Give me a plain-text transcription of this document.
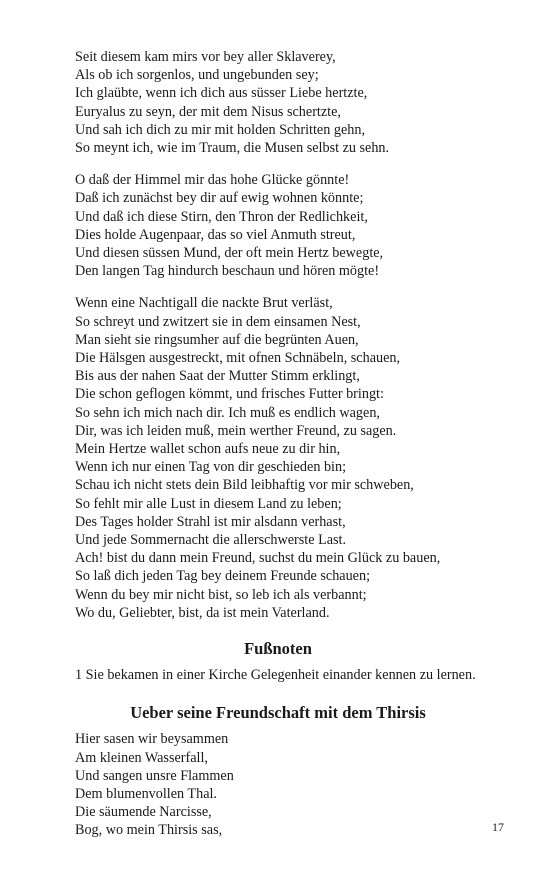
Seit diesem kam mirs vor bey aller Sklaverey,
Als ob ich sorgenlos, und ungebunden sey;
Ich glaübte, wenn ich dich aus süsser Liebe hertzte,
Euryalus zu seyn, der mit dem Nisus schertzte,
Und sah ich dich zu mir mit holden Schritten gehn,
So meynt ich, wie im Traum, die Musen selbst zu sehn.
O daß der Himmel mir das hohe Glücke gönnte!
Daß ich zunächst bey dir auf ewig wohnen könnte;
Und daß ich diese Stirn, den Thron der Redlichkeit,
Dies holde Augenpaar, das so viel Anmuth streut,
Und diesen süssen Mund, der oft mein Hertz bewegte,
Den langen Tag hindurch beschaun und hören mögte!
Wenn eine Nachtigall die nackte Brut verläst,
So schreyt und zwitzert sie in dem einsamen Nest,
Man sieht sie ringsumher auf die begrünten Auen,
Die Hälsgen ausgestreckt, mit ofnen Schnäbeln, schauen,
Bis aus der nahen Saat der Mutter Stimm erklingt,
Die schon geflogen kömmt, und frisches Futter bringt:
So sehn ich mich nach dir. Ich muß es endlich wagen,
Dir, was ich leiden muß, mein werther Freund, zu sagen.
Mein Hertze wallet schon aufs neue zu dir hin,
Wenn ich nur einen Tag von dir geschieden bin;
Schau ich nicht stets dein Bild leibhaftig vor mir schweben,
So fehlt mir alle Lust in diesem Land zu leben;
Des Tages holder Strahl ist mir alsdann verhast,
Und jede Sommernacht die allerschwerste Last.
Ach! bist du dann mein Freund, suchst du mein Glück zu bauen,
So laß dich jeden Tag bey deinem Freunde schauen;
Wenn du bey mir nicht bist, so leb ich als verbannt;
Wo du, Geliebter, bist, da ist mein Vaterland.
Fußnoten
1 Sie bekamen in einer Kirche Gelegenheit einander kennen zu lernen.
Ueber seine Freundschaft mit dem Thirsis
Hier sasen wir beysammen
Am kleinen Wasserfall,
Und sangen unsre Flammen
Dem blumenvollen Thal.
Die säumende Narcisse,
Bog, wo mein Thirsis sas,	17
